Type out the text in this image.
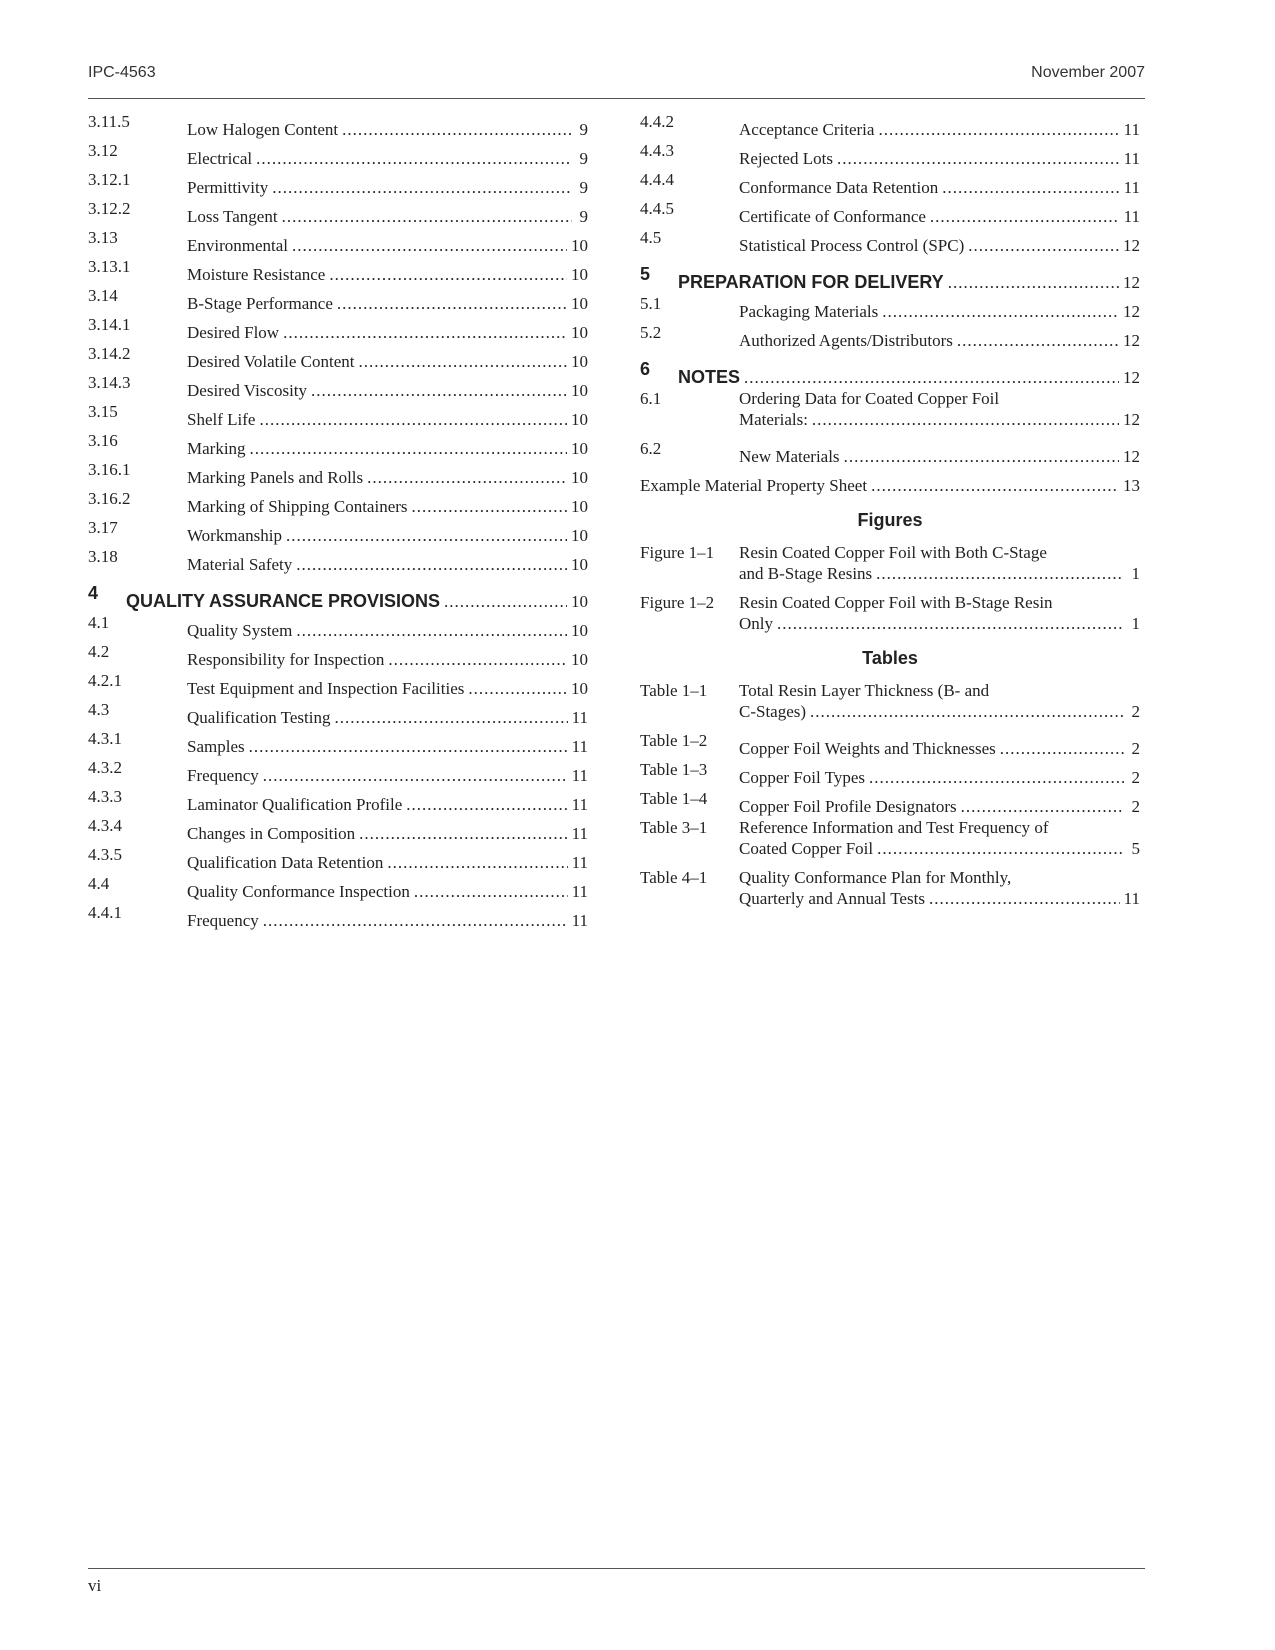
IPC-4563	November 2007
3.11.5	Low Halogen Content .....	9
3.12	Electrical .....	9
3.12.1	Permittivity .....	9
3.12.2	Loss Tangent .....	9
3.13	Environmental .....	10
3.13.1	Moisture Resistance .....	10
3.14	B-Stage Performance .....	10
3.14.1	Desired Flow .....	10
3.14.2	Desired Volatile Content .....	10
3.14.3	Desired Viscosity .....	10
3.15	Shelf Life .....	10
3.16	Marking .....	10
3.16.1	Marking Panels and Rolls .....	10
3.16.2	Marking of Shipping Containers .....	10
3.17	Workmanship .....	10
3.18	Material Safety .....	10
4	QUALITY ASSURANCE PROVISIONS .....	10
4.1	Quality System .....	10
4.2	Responsibility for Inspection .....	10
4.2.1	Test Equipment and Inspection Facilities .....	10
4.3	Qualification Testing .....	11
4.3.1	Samples .....	11
4.3.2	Frequency .....	11
4.3.3	Laminator Qualification Profile .....	11
4.3.4	Changes in Composition .....	11
4.3.5	Qualification Data Retention .....	11
4.4	Quality Conformance Inspection .....	11
4.4.1	Frequency .....	11
4.4.2	Acceptance Criteria .....	11
4.4.3	Rejected Lots .....	11
4.4.4	Conformance Data Retention .....	11
4.4.5	Certificate of Conformance .....	11
4.5	Statistical Process Control (SPC) .....	12
5	PREPARATION FOR DELIVERY .....	12
5.1	Packaging Materials .....	12
5.2	Authorized Agents/Distributors .....	12
6	NOTES .....	12
6.1	Ordering Data for Coated Copper Foil
Materials: .....	12
6.2	New Materials .....	12
Example Material Property Sheet .....	13
Figures
Figure 1–1	Resin Coated Copper Foil with Both C-Stage
and B-Stage Resins .....	1
Figure 1–2	Resin Coated Copper Foil with B-Stage Resin
Only .....	1
Tables
Table 1–1	Total Resin Layer Thickness (B- and
C-Stages) .....	2
Table 1–2	Copper Foil Weights and Thicknesses .....	2
Table 1–3	Copper Foil Types .....	2
Table 1–4	Copper Foil Profile Designators .....	2
Table 3–1	Reference Information and Test Frequency of
Coated Copper Foil .....	5
Table 4–1	Quality Conformance Plan for Monthly,
Quarterly and Annual Tests .....	11
vi
